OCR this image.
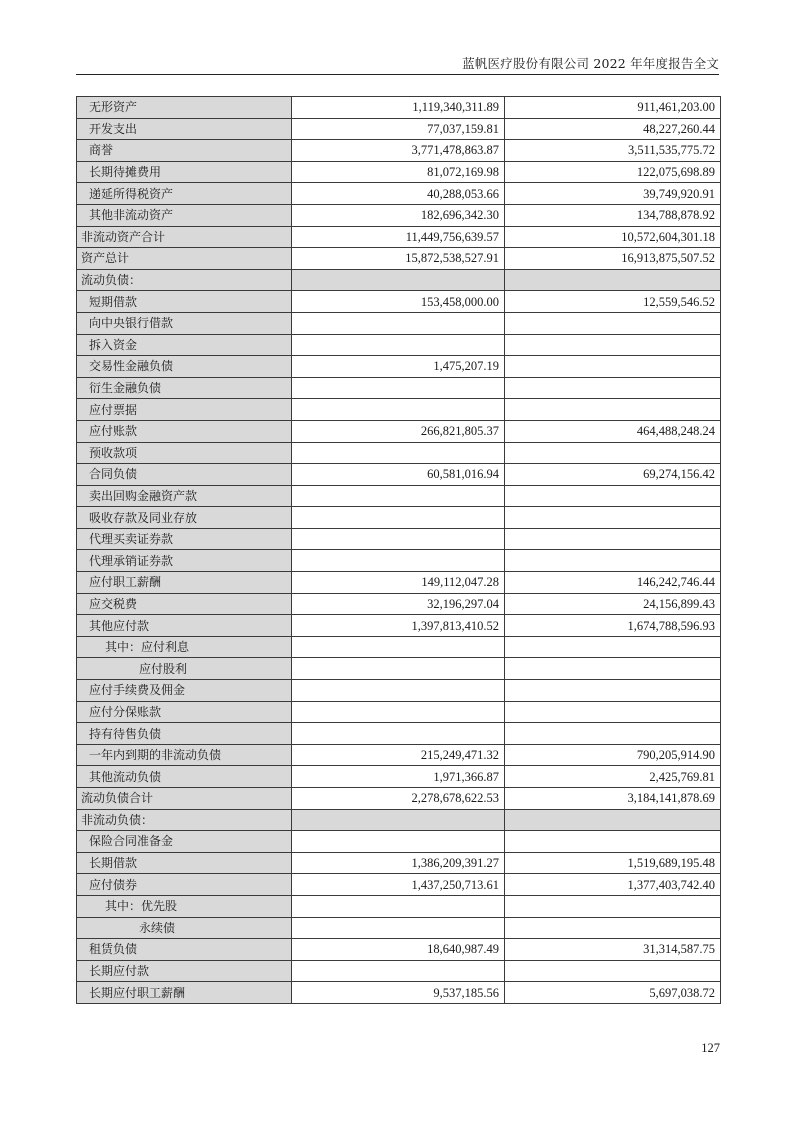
蓝帆医疗股份有限公司 2022 年年度报告全文
无形资产	1,119,340,311.89	911,461,203.00
开发支出	77,037,159.81	48,227,260.44
商誉	3,771,478,863.87	3,511,535,775.72
长期待摊费用	81,072,169.98	122,075,698.89
递延所得税资产	40,288,053.66	39,749,920.91
其他非流动资产	182,696,342.30	134,788,878.92
非流动资产合计	11,449,756,639.57	10,572,604,301.18
资产总计	15,872,538,527.91	16,913,875,507.52
流动负债：		
短期借款	153,458,000.00	12,559,546.52
向中央银行借款		
拆入资金		
交易性金融负债	1,475,207.19	
衍生金融负债		
应付票据		
应付账款	266,821,805.37	464,488,248.24
预收款项		
合同负债	60,581,016.94	69,274,156.42
卖出回购金融资产款		
吸收存款及同业存放		
代理买卖证券款		
代理承销证券款		
应付职工薪酬	149,112,047.28	146,242,746.44
应交税费	32,196,297.04	24,156,899.43
其他应付款	1,397,813,410.52	1,674,788,596.93
其中：应付利息		
应付股利		
应付手续费及佣金		
应付分保账款		
持有待售负债		
一年内到期的非流动负债	215,249,471.32	790,205,914.90
其他流动负债	1,971,366.87	2,425,769.81
流动负债合计	2,278,678,622.53	3,184,141,878.69
非流动负债：		
保险合同准备金		
长期借款	1,386,209,391.27	1,519,689,195.48
应付债券	1,437,250,713.61	1,377,403,742.40
其中：优先股		
永续债		
租赁负债	18,640,987.49	31,314,587.75
长期应付款		
长期应付职工薪酬	9,537,185.56	5,697,038.72
127
